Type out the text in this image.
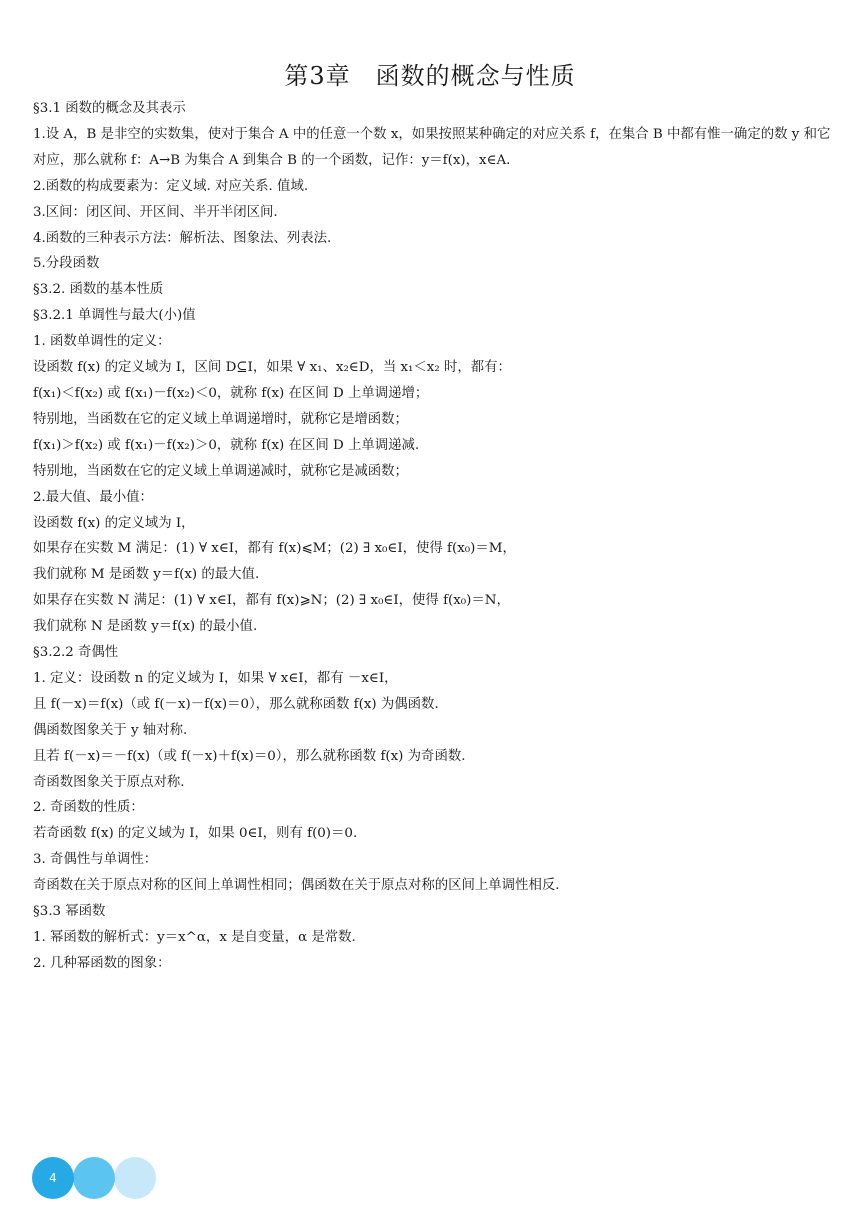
第3章　函数的概念与性质

§3.1 函数的概念及其表示

1.设 A，B 是非空的实数集，使对于集合 A 中的任意一个数 x，如果按照某种确定的对应关系 f，在集合 B 中都有惟一确定的数 y 和它对应，那么就称 f：A→B 为集合 A 到集合 B 的一个函数，记作：y＝f(x)，x∈A.

2.函数的构成要素为：定义域. 对应关系. 值域.

3.区间：闭区间、开区间、半开半闭区间.

4.函数的三种表示方法：解析法、图象法、列表法.

5.分段函数

§3.2. 函数的基本性质

§3.2.1 单调性与最大(小)值

1. 函数单调性的定义：

设函数 f(x) 的定义域为 I，区间 D⊆I，如果 ∀ x₁、x₂∈D，当 x₁＜x₂ 时，都有：

f(x₁)＜f(x₂) 或 f(x₁)－f(x₂)＜0，就称 f(x) 在区间 D 上单调递增；

特别地，当函数在它的定义域上单调递增时，就称它是增函数；

f(x₁)＞f(x₂) 或 f(x₁)－f(x₂)＞0，就称 f(x) 在区间 D 上单调递减.

特别地，当函数在它的定义域上单调递减时，就称它是减函数；

2.最大值、最小值：

设函数 f(x) 的定义域为 I，

如果存在实数 M 满足：(1) ∀ x∈I，都有 f(x)⩽M；(2) ∃ x₀∈I，使得 f(x₀)＝M，

我们就称 M 是函数 y＝f(x) 的最大值.

如果存在实数 N 满足：(1) ∀ x∈I，都有 f(x)⩾N；(2) ∃ x₀∈I，使得 f(x₀)＝N，

我们就称 N 是函数 y＝f(x) 的最小值.

§3.2.2 奇偶性

1. 定义：设函数 n 的定义域为 I，如果 ∀ x∈I，都有 －x∈I，

且 f(－x)＝f(x)（或 f(－x)－f(x)＝0），那么就称函数 f(x) 为偶函数.

偶函数图象关于 y 轴对称.

且若 f(－x)＝－f(x)（或 f(－x)＋f(x)＝0），那么就称函数 f(x) 为奇函数.

奇函数图象关于原点对称.

2. 奇函数的性质：

若奇函数 f(x) 的定义域为 I，如果 0∈I，则有 f(0)＝0.

3. 奇偶性与单调性：

奇函数在关于原点对称的区间上单调性相同；偶函数在关于原点对称的区间上单调性相反.

§3.3 幂函数

1. 幂函数的解析式：y＝x^α，x 是自变量，α 是常数.

2. 几种幂函数的图象：

4
